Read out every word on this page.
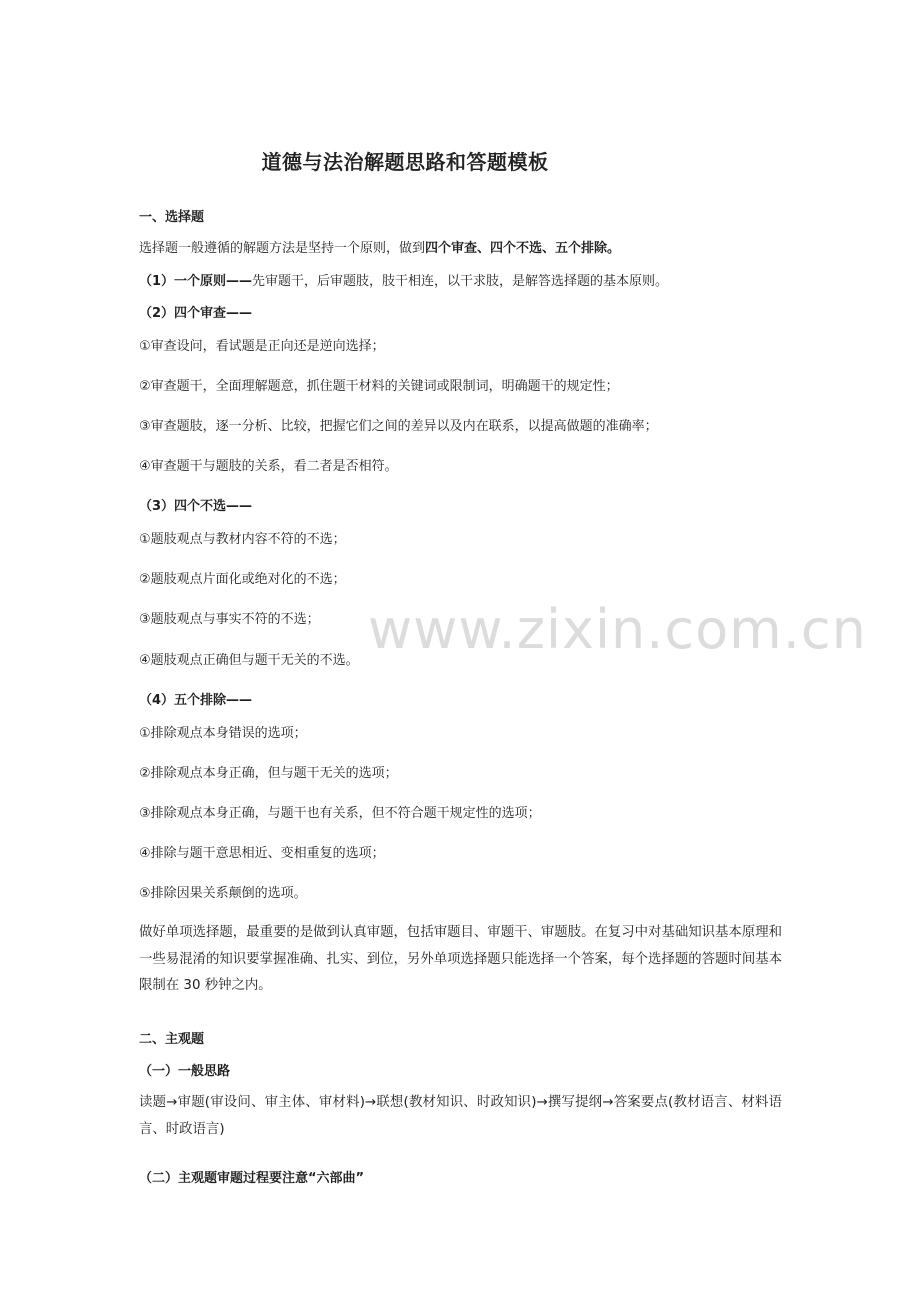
道德与法治解题思路和答题模板
www.zixin.com.cn

一、选择题

选择题一般遵循的解题方法是坚持一个原则，做到四个审查、四个不选、五个排除。

（1）一个原则——先审题干，后审题肢，肢干相连，以干求肢，是解答选择题的基本原则。

（2）四个审查——

①审查设问，看试题是正向还是逆向选择；

②审查题干，全面理解题意，抓住题干材料的关键词或限制词，明确题干的规定性；

③审查题肢，逐一分析、比较，把握它们之间的差异以及内在联系，以提高做题的准确率；

④审查题干与题肢的关系，看二者是否相符。

（3）四个不选——

①题肢观点与教材内容不符的不选；

②题肢观点片面化或绝对化的不选；

③题肢观点与事实不符的不选；

④题肢观点正确但与题干无关的不选。

（4）五个排除——

①排除观点本身错误的选项；

②排除观点本身正确，但与题干无关的选项；

③排除观点本身正确，与题干也有关系，但不符合题干规定性的选项；

④排除与题干意思相近、变相重复的选项；

⑤排除因果关系颠倒的选项。

做好单项选择题，最重要的是做到认真审题，包括审题目、审题干、审题肢。在复习中对基础知识基本原理和一些易混淆的知识要掌握准确、扎实、到位，另外单项选择题只能选择一个答案，每个选择题的答题时间基本限制在 30 秒钟之内。

二、主观题

（一）一般思路

读题→审题(审设问、审主体、审材料)→联想(教材知识、时政知识)→撰写提纲→答案要点(教材语言、材料语言、时政语言)

（二）主观题审题过程要注意“六部曲”
